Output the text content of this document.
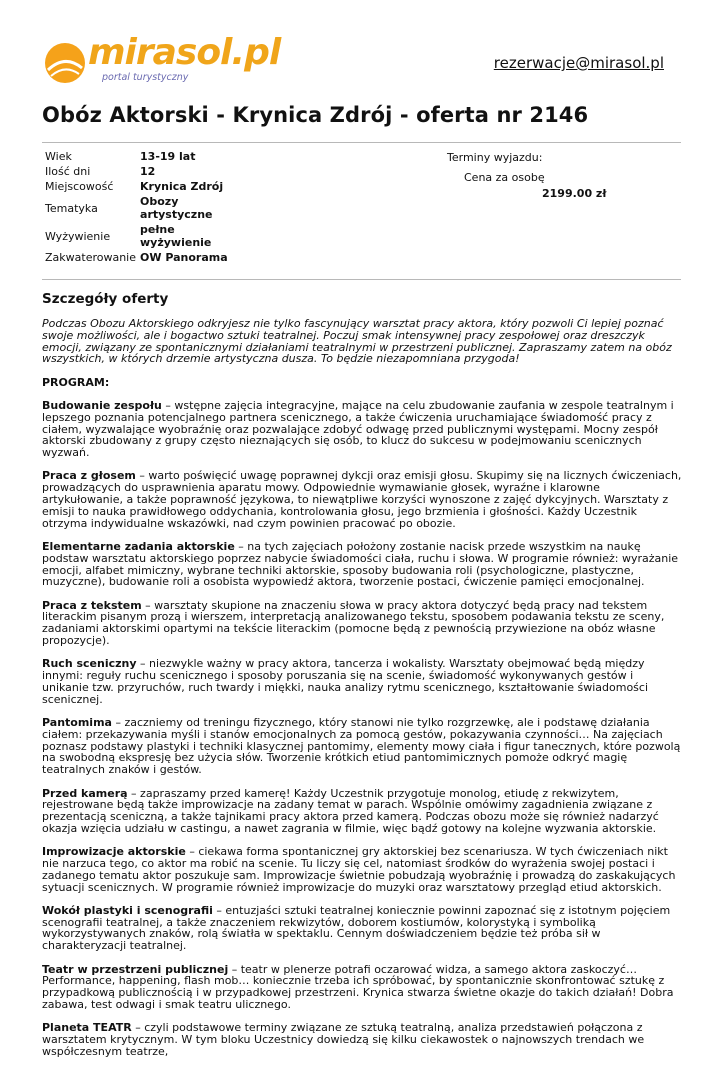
mirasol.pl
portal turystyczny
rezerwacje@mirasol.pl
Obóz Aktorski - Krynica Zdrój - oferta nr 2146
Wiek	13-19 lat
Ilość dni	12
Miejscowość	Krynica Zdrój
Tematyka	Obozy artystyczne
Wyżywienie	pełne wyżywienie
Zakwaterowanie	OW Panorama
Terminy wyjazdu:
Cena za osobę
2199.00 zł
Szczegóły oferty

Podczas Obozu Aktorskiego odkryjesz nie tylko fascynujący warsztat pracy aktora, który pozwoli Ci lepiej poznać swoje możliwości, ale i bogactwo sztuki teatralnej. Poczuj smak intensywnej pracy zespołowej oraz dreszczyk emocji, związany ze spontanicznymi działaniami teatralnymi w przestrzeni publicznej. Zapraszamy zatem na obóz wszystkich, w których drzemie artystyczna dusza. To będzie niezapomniana przygoda!

PROGRAM:

Budowanie zespołu – wstępne zajęcia integracyjne, mające na celu zbudowanie zaufania w zespole teatralnym i lepszego poznania potencjalnego partnera scenicznego, a także ćwiczenia uruchamiające świadomość pracy z ciałem, wyzwalające wyobraźnię oraz pozwalające zdobyć odwagę przed publicznymi występami. Mocny zespół aktorski zbudowany z grupy często nieznających się osób, to klucz do sukcesu w podejmowaniu scenicznych wyzwań.

Praca z głosem – warto poświęcić uwagę poprawnej dykcji oraz emisji głosu. Skupimy się na licznych ćwiczeniach, prowadzących do usprawnienia aparatu mowy. Odpowiednie wymawianie głosek, wyraźne i klarowne artykułowanie, a także poprawność językowa, to niewątpliwe korzyści wynoszone z zajęć dykcyjnych. Warsztaty z emisji to nauka prawidłowego oddychania, kontrolowania głosu, jego brzmienia i głośności. Każdy Uczestnik otrzyma indywidualne wskazówki, nad czym powinien pracować po obozie.

Elementarne zadania aktorskie – na tych zajęciach położony zostanie nacisk przede wszystkim na naukę podstaw warsztatu aktorskiego poprzez nabycie świadomości ciała, ruchu i słowa. W programie również: wyrażanie emocji, alfabet mimiczny, wybrane techniki aktorskie, sposoby budowania roli (psychologiczne, plastyczne, muzyczne), budowanie roli a osobista wypowiedź aktora, tworzenie postaci, ćwiczenie pamięci emocjonalnej.

Praca z tekstem – warsztaty skupione na znaczeniu słowa w pracy aktora dotyczyć będą pracy nad tekstem literackim pisanym prozą i wierszem, interpretacją analizowanego tekstu, sposobem podawania tekstu ze sceny, zadaniami aktorskimi opartymi na tekście literackim (pomocne będą z pewnością przywiezione na obóz własne propozycje).

Ruch sceniczny – niezwykle ważny w pracy aktora, tancerza i wokalisty. Warsztaty obejmować będą między innymi: reguły ruchu scenicznego i sposoby poruszania się na scenie, świadomość wykonywanych gestów i unikanie tzw. przyruchów, ruch twardy i miękki, nauka analizy rytmu scenicznego, kształtowanie świadomości scenicznej.

Pantomima – zaczniemy od treningu fizycznego, który stanowi nie tylko rozgrzewkę, ale i podstawę działania ciałem: przekazywania myśli i stanów emocjonalnych za pomocą gestów, pokazywania czynności… Na zajęciach poznasz podstawy plastyki i techniki klasycznej pantomimy, elementy mowy ciała i figur tanecznych, które pozwolą na swobodną ekspresję bez użycia słów. Tworzenie krótkich etiud pantomimicznych pomoże odkryć magię teatralnych znaków i gestów.

Przed kamerą – zapraszamy przed kamerę! Każdy Uczestnik przygotuje monolog, etiudę z rekwizytem, rejestrowane będą także improwizacje na zadany temat w parach. Wspólnie omówimy zagadnienia związane z prezentacją sceniczną, a także tajnikami pracy aktora przed kamerą. Podczas obozu może się również nadarzyć okazja wzięcia udziału w castingu, a nawet zagrania w filmie, więc bądź gotowy na kolejne wyzwania aktorskie.

Improwizacje aktorskie – ciekawa forma spontanicznej gry aktorskiej bez scenariusza. W tych ćwiczeniach nikt nie narzuca tego, co aktor ma robić na scenie. Tu liczy się cel, natomiast środków do wyrażenia swojej postaci i zadanego tematu aktor poszukuje sam. Improwizacje świetnie pobudzają wyobraźnię i prowadzą do zaskakujących sytuacji scenicznych. W programie również improwizacje do muzyki oraz warsztatowy przegląd etiud aktorskich.

Wokół plastyki i scenografii – entuzjaści sztuki teatralnej koniecznie powinni zapoznać się z istotnym pojęciem scenografii teatralnej, a także znaczeniem rekwizytów, doborem kostiumów, kolorystyką i symboliką wykorzystywanych znaków, rolą światła w spektaklu. Cennym doświadczeniem będzie też próba sił w charakteryzacji teatralnej.

Teatr w przestrzeni publicznej – teatr w plenerze potrafi oczarować widza, a samego aktora zaskoczyć… Performance, happening, flash mob… koniecznie trzeba ich spróbować, by spontanicznie skonfrontować sztukę z przypadkową publicznością i w przypadkowej przestrzeni. Krynica stwarza świetne okazje do takich działań! Dobra zabawa, test odwagi i smak teatru ulicznego.

Planeta TEATR – czyli podstawowe terminy związane ze sztuką teatralną, analiza przedstawień połączona z warsztatem krytycznym. W tym bloku Uczestnicy dowiedzą się kilku ciekawostek o najnowszych trendach we współczesnym teatrze,
